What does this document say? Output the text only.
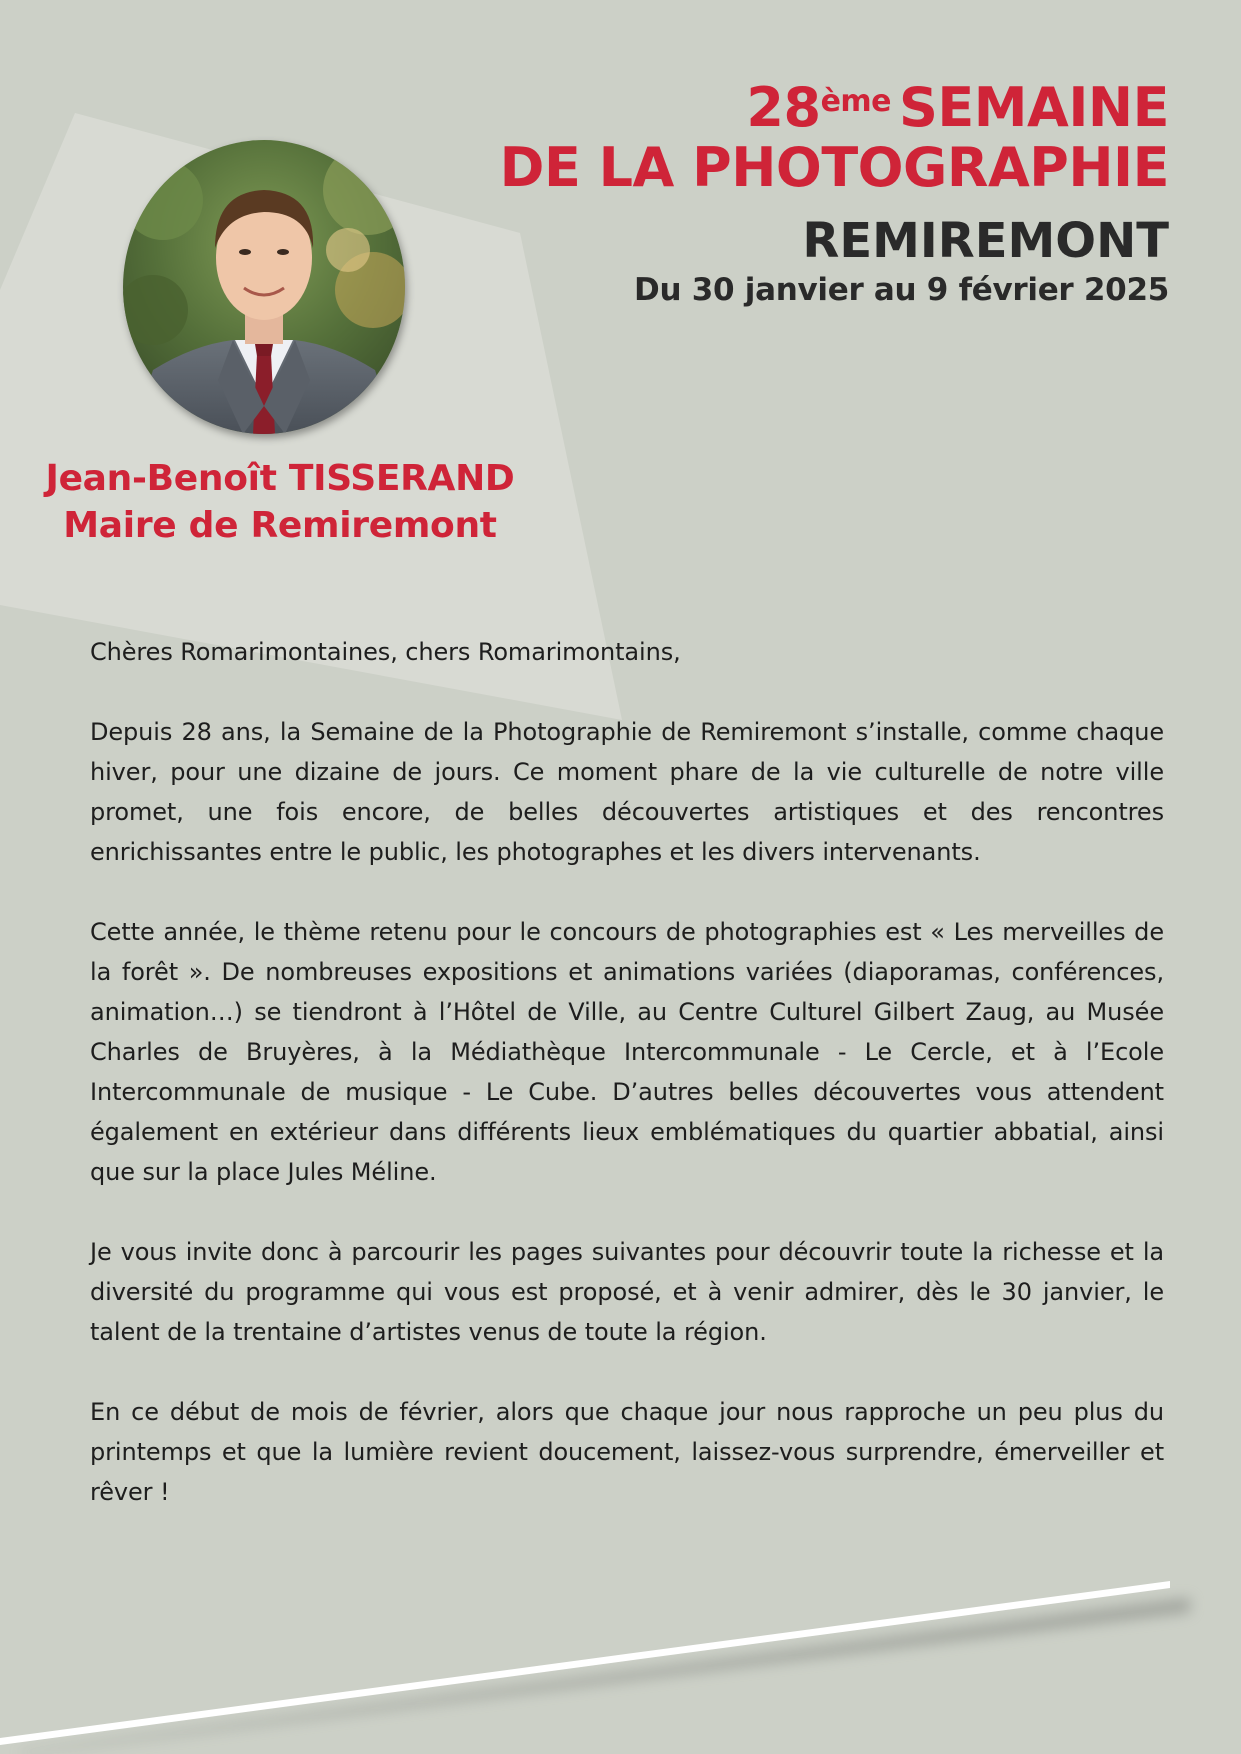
Jean-Benoît TISSERAND
Maire de Remiremont
28ème SEMAINE
DE LA PHOTOGRAPHIE
REMIREMONT
Du 30 janvier au 9 février 2025

Chères Romarimontaines, chers Romarimontains,

Depuis 28 ans, la Semaine de la Photographie de Remiremont s’installe, comme chaque hiver, pour une dizaine de jours. Ce moment phare de la vie culturelle de notre ville promet, une fois encore, de belles découvertes artistiques et des rencontres enrichissantes entre le public, les photographes et les divers intervenants.

Cette année, le thème retenu pour le concours de photographies est « Les merveilles de la forêt ». De nombreuses expositions et animations variées (diaporamas, conférences, animation…) se tiendront à l’Hôtel de Ville, au Centre Culturel Gilbert Zaug, au Musée Charles de Bruyères, à la Médiathèque Intercommunale - Le Cercle, et à l’Ecole Intercommunale de musique - Le Cube. D’autres belles découvertes vous attendent également en extérieur dans différents lieux emblématiques du quartier abbatial, ainsi que sur la place Jules Méline.

Je vous invite donc à parcourir les pages suivantes pour découvrir toute la richesse et la diversité du programme qui vous est proposé, et à venir admirer, dès le 30 janvier, le talent de la trentaine d’artistes venus de toute la région.

En ce début de mois de février, alors que chaque jour nous rapproche un peu plus du printemps et que la lumière revient doucement, laissez-vous surprendre, émerveiller et rêver !
